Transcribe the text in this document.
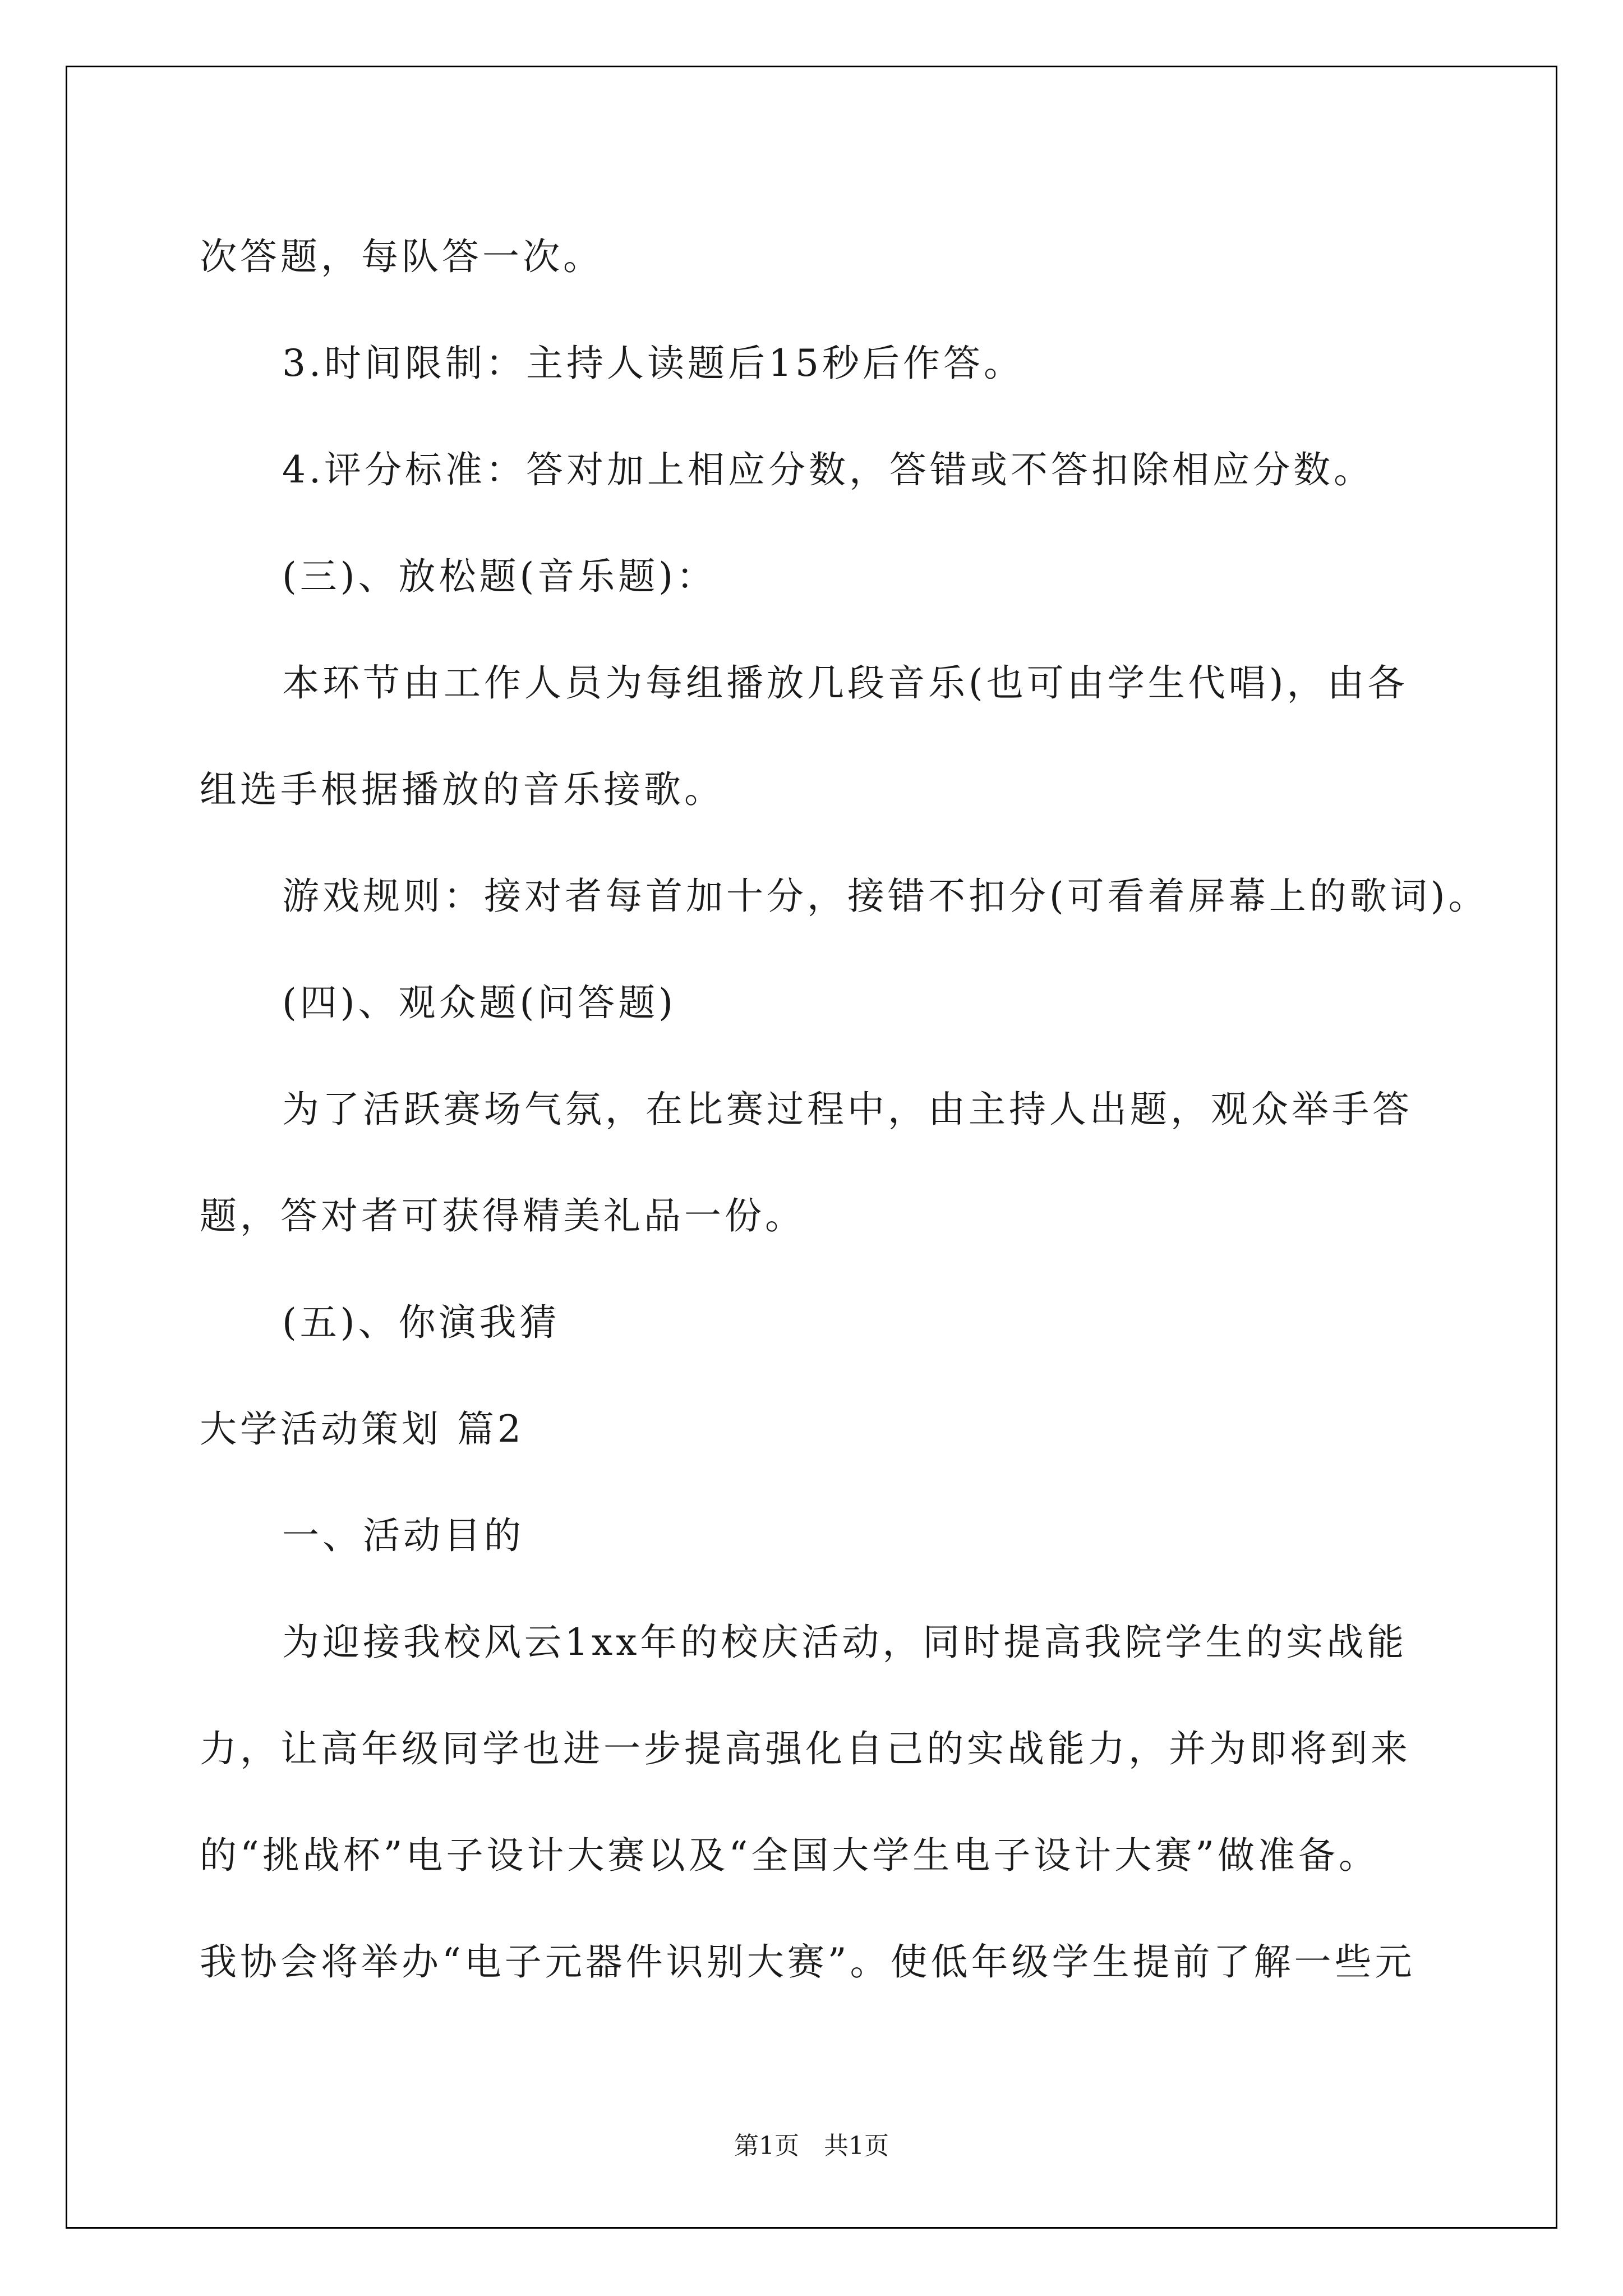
次答题，每队答一次。
3.时间限制：主持人读题后15秒后作答。
4.评分标准：答对加上相应分数，答错或不答扣除相应分数。
(三)、放松题(音乐题)：
本环节由工作人员为每组播放几段音乐(也可由学生代唱)，由各
组选手根据播放的音乐接歌。
游戏规则：接对者每首加十分，接错不扣分(可看着屏幕上的歌词)。
(四)、观众题(问答题)
为了活跃赛场气氛，在比赛过程中，由主持人出题，观众举手答
题，答对者可获得精美礼品一份。
(五)、你演我猜
大学活动策划 篇2
一、活动目的
为迎接我校风云1xx年的校庆活动，同时提高我院学生的实战能
力，让高年级同学也进一步提高强化自己的实战能力，并为即将到来
的“挑战杯”电子设计大赛以及“全国大学生电子设计大赛”做准备。
我协会将举办“电子元器件识别大赛”。使低年级学生提前了解一些元
第1页　共1页
